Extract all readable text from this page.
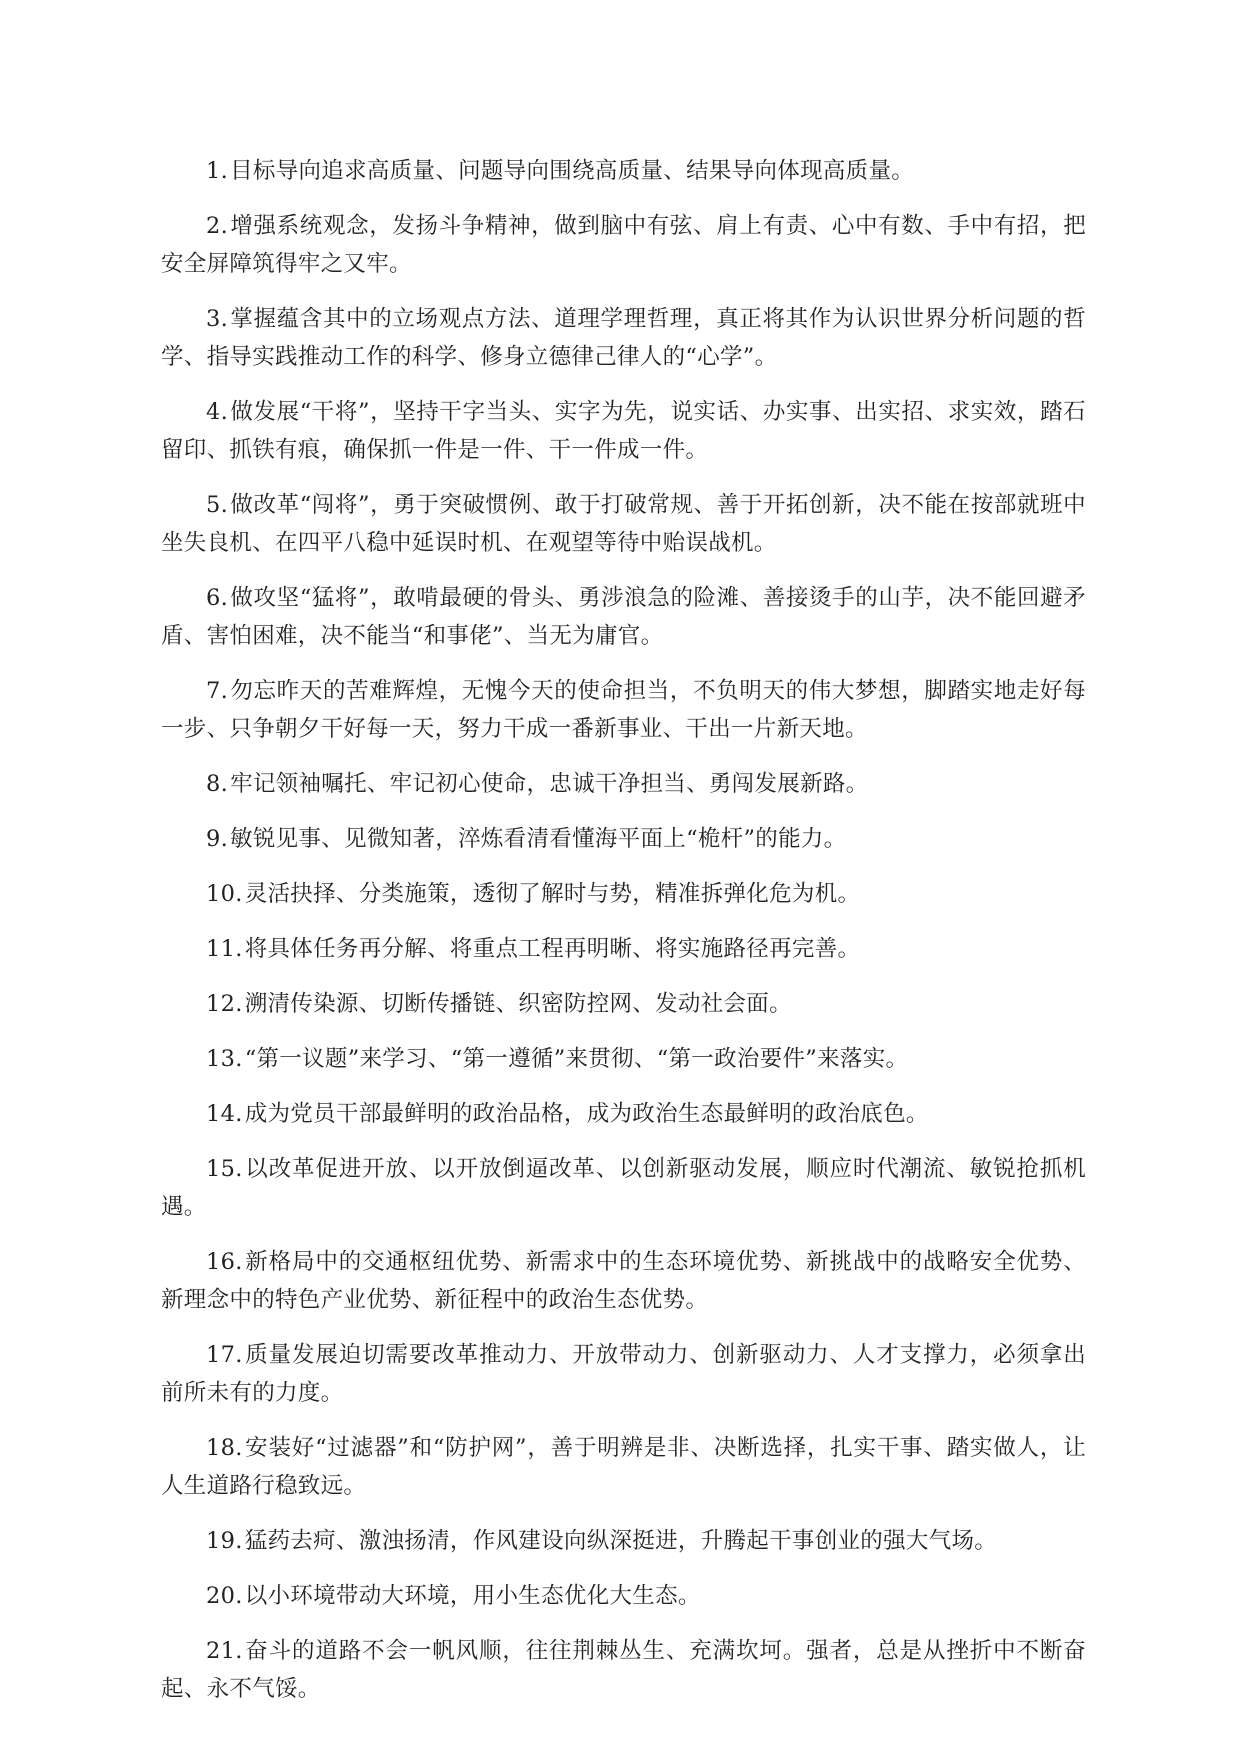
1.目标导向追求高质量、问题导向围绕高质量、结果导向体现高质量。

2.增强系统观念，发扬斗争精神，做到脑中有弦、肩上有责、心中有数、手中有招，把安全屏障筑得牢之又牢。

3.掌握蕴含其中的立场观点方法、道理学理哲理，真正将其作为认识世界分析问题的哲学、指导实践推动工作的科学、修身立德律己律人的“心学”。

4.做发展“干将”，坚持干字当头、实字为先，说实话、办实事、出实招、求实效，踏石留印、抓铁有痕，确保抓一件是一件、干一件成一件。

5.做改革“闯将”，勇于突破惯例、敢于打破常规、善于开拓创新，决不能在按部就班中坐失良机、在四平八稳中延误时机、在观望等待中贻误战机。

6.做攻坚“猛将”，敢啃最硬的骨头、勇涉浪急的险滩、善接烫手的山芋，决不能回避矛盾、害怕困难，决不能当“和事佬”、当无为庸官。

7.勿忘昨天的苦难辉煌，无愧今天的使命担当，不负明天的伟大梦想，脚踏实地走好每一步、只争朝夕干好每一天，努力干成一番新事业、干出一片新天地。

8.牢记领袖嘱托、牢记初心使命，忠诚干净担当、勇闯发展新路。

9.敏锐见事、见微知著，淬炼看清看懂海平面上“桅杆”的能力。

10.灵活抉择、分类施策，透彻了解时与势，精准拆弹化危为机。

11.将具体任务再分解、将重点工程再明晰、将实施路径再完善。

12.溯清传染源、切断传播链、织密防控网、发动社会面。

13.“第一议题”来学习、“第一遵循”来贯彻、“第一政治要件”来落实。

14.成为党员干部最鲜明的政治品格，成为政治生态最鲜明的政治底色。

15.以改革促进开放、以开放倒逼改革、以创新驱动发展，顺应时代潮流、敏锐抢抓机遇。

16.新格局中的交通枢纽优势、新需求中的生态环境优势、新挑战中的战略安全优势、新理念中的特色产业优势、新征程中的政治生态优势。

17.质量发展迫切需要改革推动力、开放带动力、创新驱动力、人才支撑力，必须拿出前所未有的力度。

18.安装好“过滤器”和“防护网”，善于明辨是非、决断选择，扎实干事、踏实做人，让人生道路行稳致远。

19.猛药去疴、激浊扬清，作风建设向纵深挺进，升腾起干事创业的强大气场。

20.以小环境带动大环境，用小生态优化大生态。

21.奋斗的道路不会一帆风顺，往往荆棘丛生、充满坎坷。强者，总是从挫折中不断奋起、永不气馁。
